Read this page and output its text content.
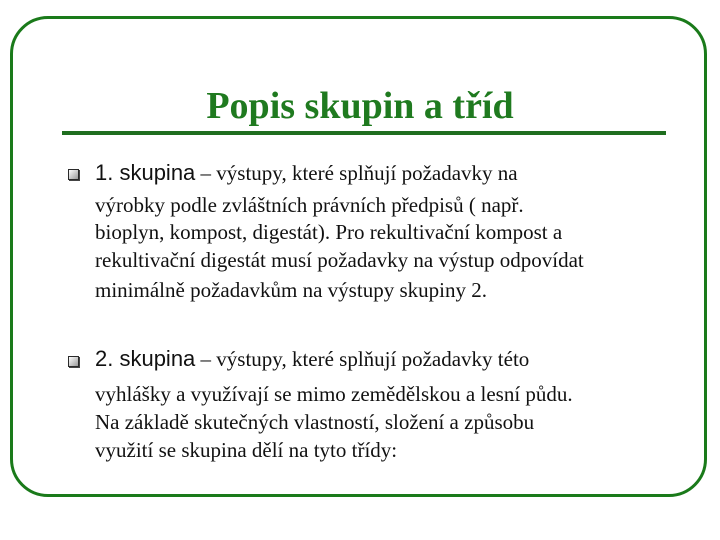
Popis skupin a tříd
1. skupina – výstupy, které splňují požadavky na
výrobky podle zvláštních právních předpisů ( např.
bioplyn, kompost, digestát). Pro rekultivační kompost a
rekultivační digestát musí požadavky na výstup odpovídat
minimálně požadavkům na výstupy skupiny 2.
2. skupina – výstupy, které splňují požadavky této
vyhlášky a využívají se mimo zemědělskou a lesní půdu.
Na základě skutečných vlastností, složení a způsobu
využití se skupina dělí na tyto třídy:
